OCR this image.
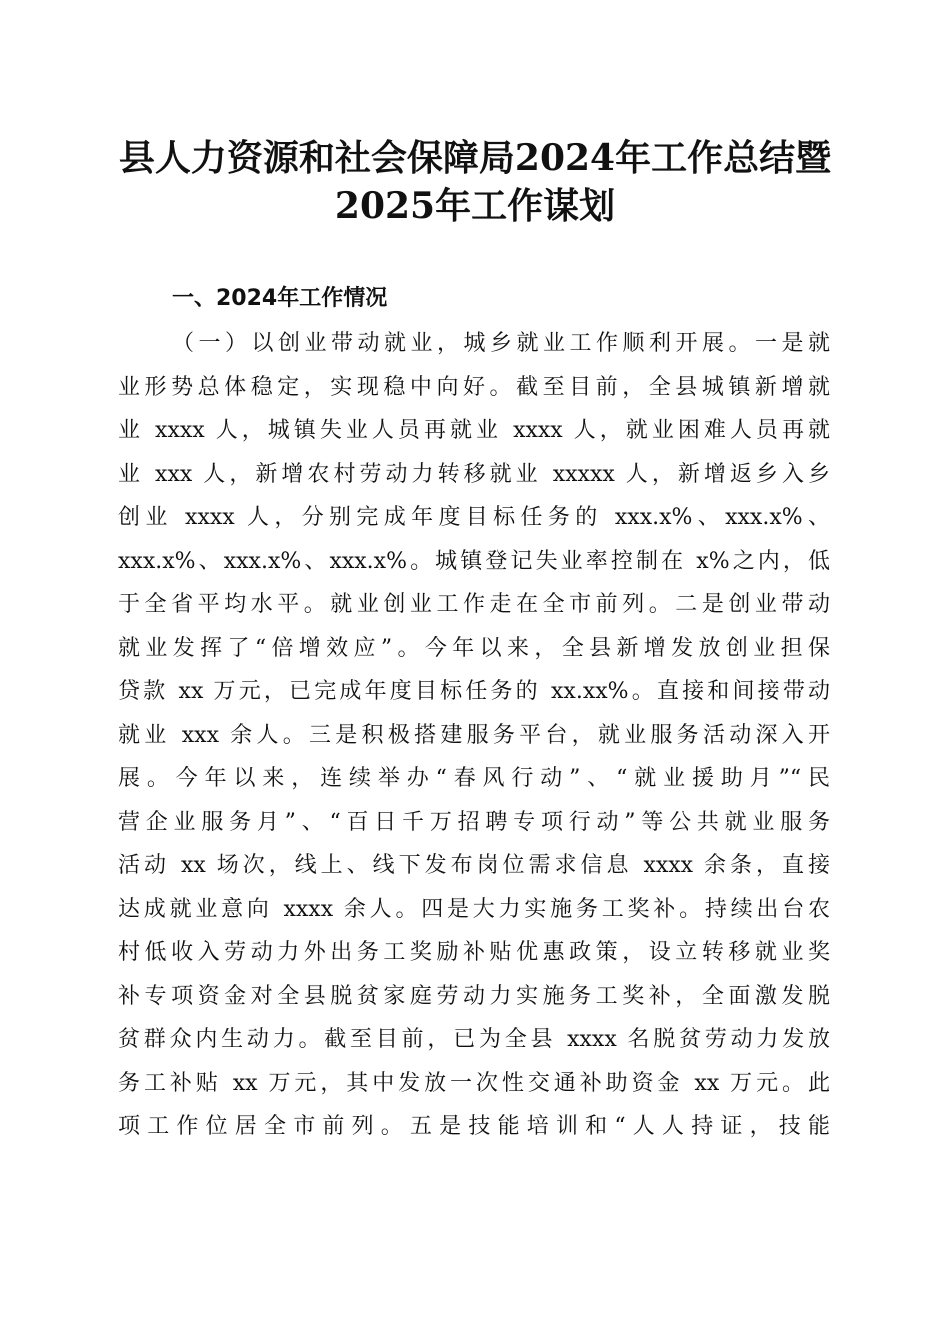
县人力资源和社会保障局2024年工作总结暨
2025年工作谋划
一、2024年工作情况
（一）以创业带动就业，城乡就业工作顺利开展。一是就
业形势总体稳定，实现稳中向好。截至目前，全县城镇新增就
业 xxxx 人，城镇失业人员再就业 xxxx 人，就业困难人员再就
业 xxx 人，新增农村劳动力转移就业 xxxxx 人，新增返乡入乡
创业 xxxx 人，分别完成年度目标任务的 xxx.x%、xxx.x%、
xxx.x%、xxx.x%、xxx.x%。城镇登记失业率控制在 x%之内，低
于全省平均水平。就业创业工作走在全市前列。二是创业带动
就业发挥了“倍增效应”。今年以来，全县新增发放创业担保
贷款 xx 万元，已完成年度目标任务的 xx.xx%。直接和间接带动
就业 xxx 余人。三是积极搭建服务平台，就业服务活动深入开
展。今年以来，连续举办“春风行动”、“就业援助月”“民
营企业服务月”、“百日千万招聘专项行动”等公共就业服务
活动 xx 场次，线上、线下发布岗位需求信息 xxxx 余条，直接
达成就业意向 xxxx 余人。四是大力实施务工奖补。持续出台农
村低收入劳动力外出务工奖励补贴优惠政策，设立转移就业奖
补专项资金对全县脱贫家庭劳动力实施务工奖补，全面激发脱
贫群众内生动力。截至目前，已为全县 xxxx 名脱贫劳动力发放
务工补贴 xx 万元，其中发放一次性交通补助资金 xx 万元。此
项工作位居全市前列。五是技能培训和“人人持证，技能
